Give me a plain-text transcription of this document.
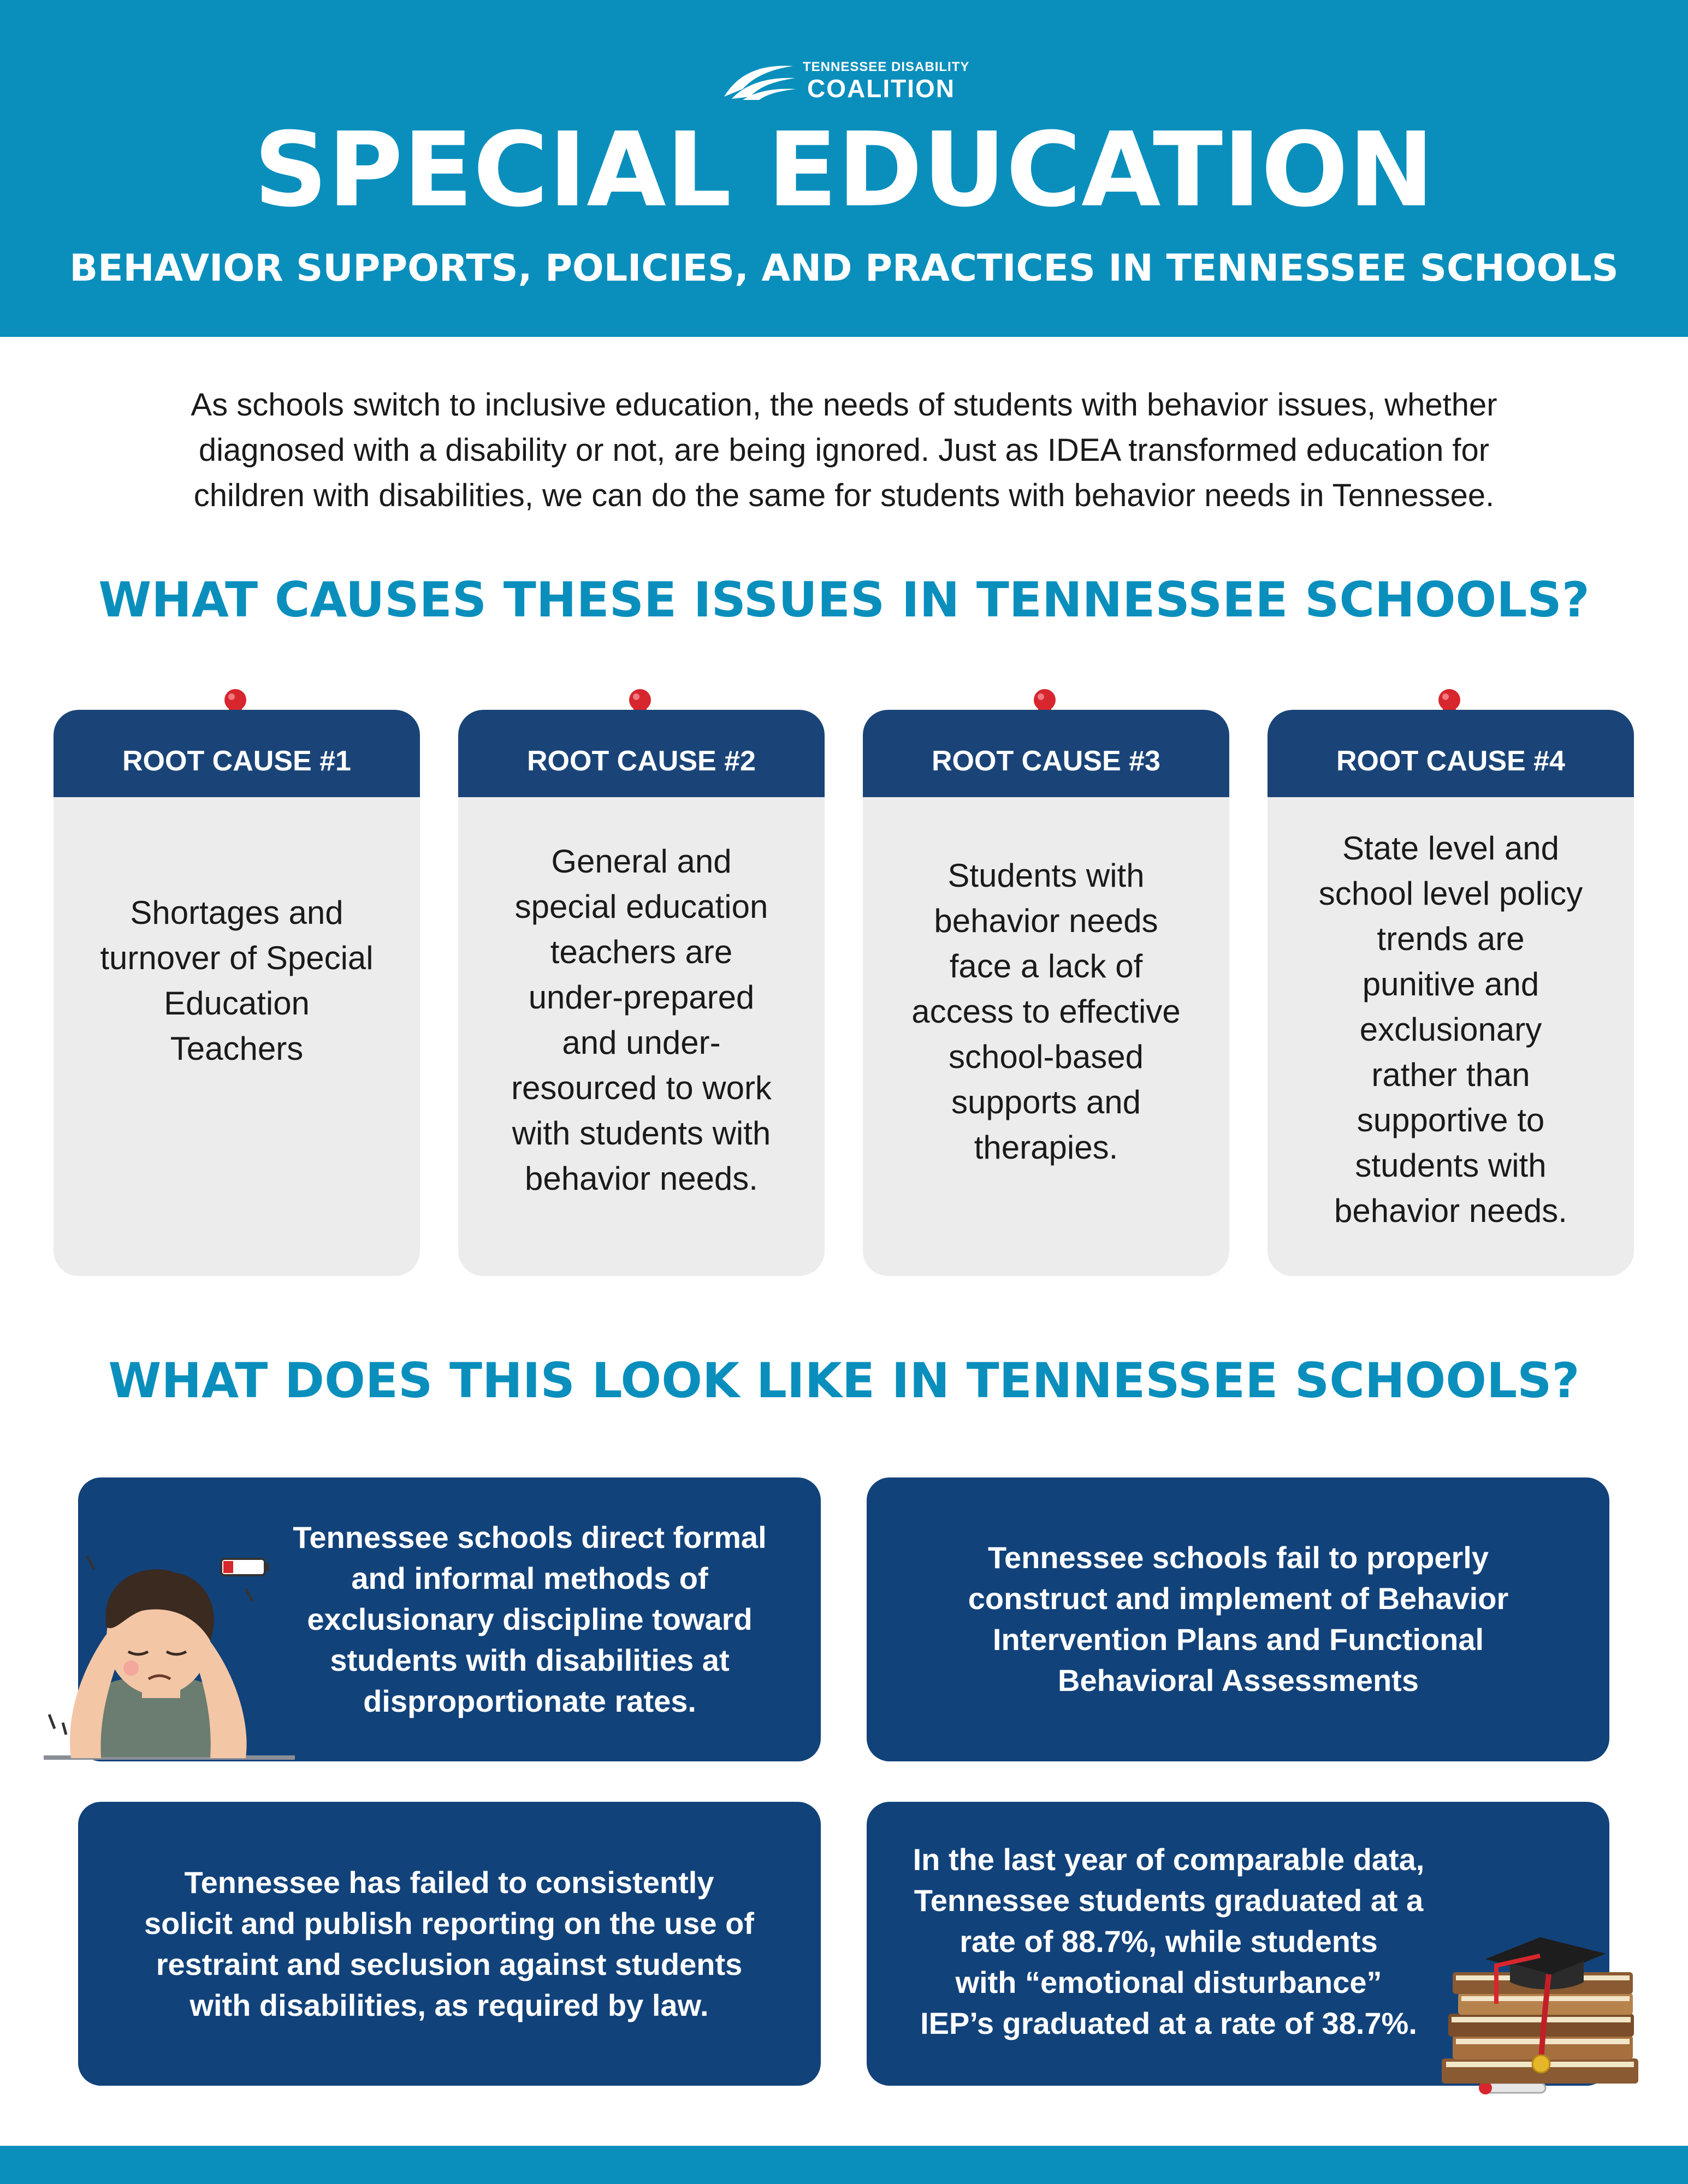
TENNESSEE DISABILITY
COALITION
SPECIAL EDUCATION
BEHAVIOR SUPPORTS, POLICIES, AND PRACTICES IN TENNESSEE SCHOOLS
As schools switch to inclusive education, the needs of students with behavior issues, whether
diagnosed with a disability or not, are being ignored. Just as IDEA transformed education for
children with disabilities, we can do the same for students with behavior needs in Tennessee.
WHAT CAUSES THESE ISSUES IN TENNESSEE SCHOOLS?
ROOT CAUSE #1
Shortages and
turnover of Special
Education
Teachers
ROOT CAUSE #2
General and
special education
teachers are
under-prepared
and under-
resourced to work
with students with
behavior needs.
ROOT CAUSE #3
Students with
behavior needs
face a lack of
access to effective
school-based
supports and
therapies.
ROOT CAUSE #4
State level and
school level policy
trends are
punitive and
exclusionary
rather than
supportive to
students with
behavior needs.
WHAT DOES THIS LOOK LIKE IN TENNESSEE SCHOOLS?
Tennessee schools direct formal
and informal methods of
exclusionary discipline toward
students with disabilities at
disproportionate rates.
Tennessee schools fail to properly
construct and implement of Behavior
Intervention Plans and Functional
Behavioral Assessments
Tennessee has failed to consistently
solicit and publish reporting on the use of
restraint and seclusion against students
with disabilities, as required by law.
In the last year of comparable data,
Tennessee students graduated at a
rate of 88.7%, while students
with “emotional disturbance”
IEP’s graduated at a rate of 38.7%.
